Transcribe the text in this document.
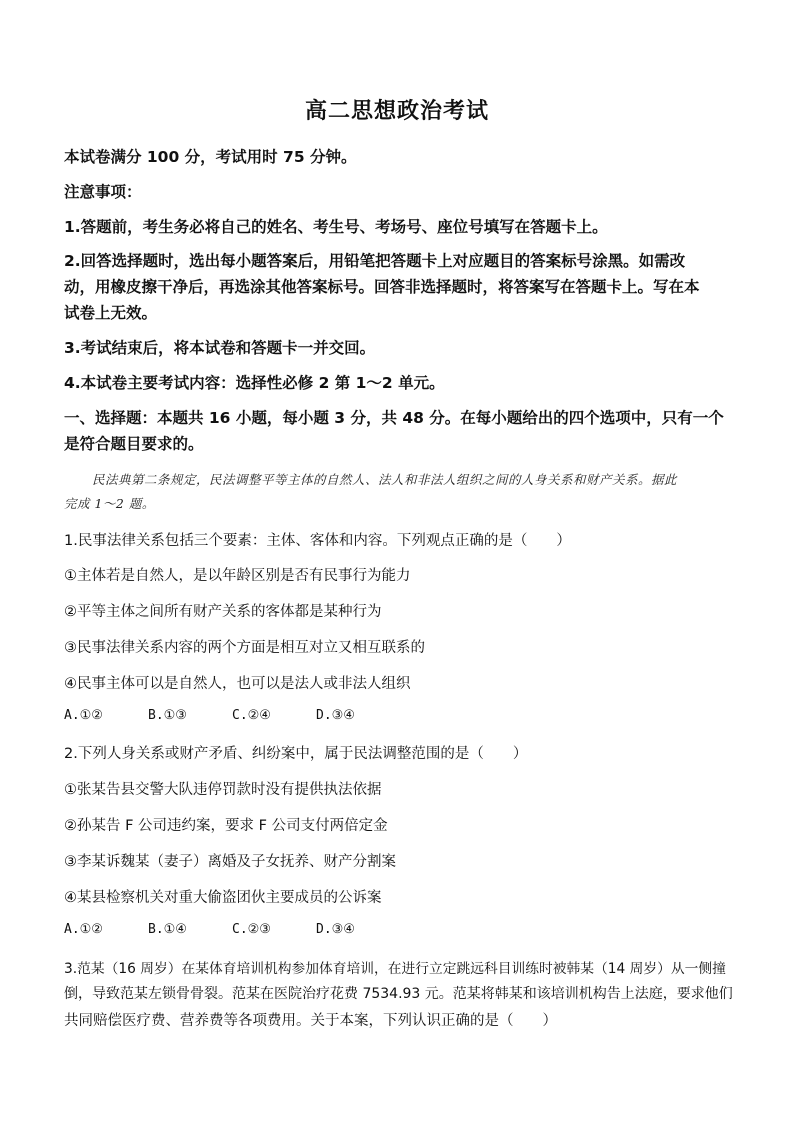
高二思想政治考试
本试卷满分 100 分，考试用时 75 分钟。
注意事项：
1.答题前，考生务必将自己的姓名、考生号、考场号、座位号填写在答题卡上。
2.回答选择题时，选出每小题答案后，用铅笔把答题卡上对应题目的答案标号涂黑。如需改
动，用橡皮擦干净后，再选涂其他答案标号。回答非选择题时，将答案写在答题卡上。写在本
试卷上无效。
3.考试结束后，将本试卷和答题卡一并交回。
4.本试卷主要考试内容：选择性必修 2 第 1～2 单元。
一、选择题：本题共 16 小题，每小题 3 分，共 48 分。在每小题给出的四个选项中，只有一个
是符合题目要求的。
民法典第二条规定，民法调整平等主体的自然人、法人和非法人组织之间的人身关系和财产关系。据此
完成 1～2 题。
1.民事法律关系包括三个要素：主体、客体和内容。下列观点正确的是（　　）
①主体若是自然人，是以年龄区别是否有民事行为能力
②平等主体之间所有财产关系的客体都是某种行为
③民事法律关系内容的两个方面是相互对立又相互联系的
④民事主体可以是自然人，也可以是法人或非法人组织
A.①②	B.①③	C.②④	D.③④
2.下列人身关系或财产矛盾、纠纷案中，属于民法调整范围的是（　　）
①张某告县交警大队违停罚款时没有提供执法依据
②孙某告 F 公司违约案，要求 F 公司支付两倍定金
③李某诉魏某（妻子）离婚及子女抚养、财产分割案
④某县检察机关对重大偷盗团伙主要成员的公诉案
A.①②	B.①④	C.②③	D.③④
3.范某（16 周岁）在某体育培训机构参加体育培训，在进行立定跳远科目训练时被韩某（14 周岁）从一侧撞
倒，导致范某左锁骨骨裂。范某在医院治疗花费 7534.93 元。范某将韩某和该培训机构告上法庭，要求他们
共同赔偿医疗费、营养费等各项费用。关于本案，下列认识正确的是（　　）
